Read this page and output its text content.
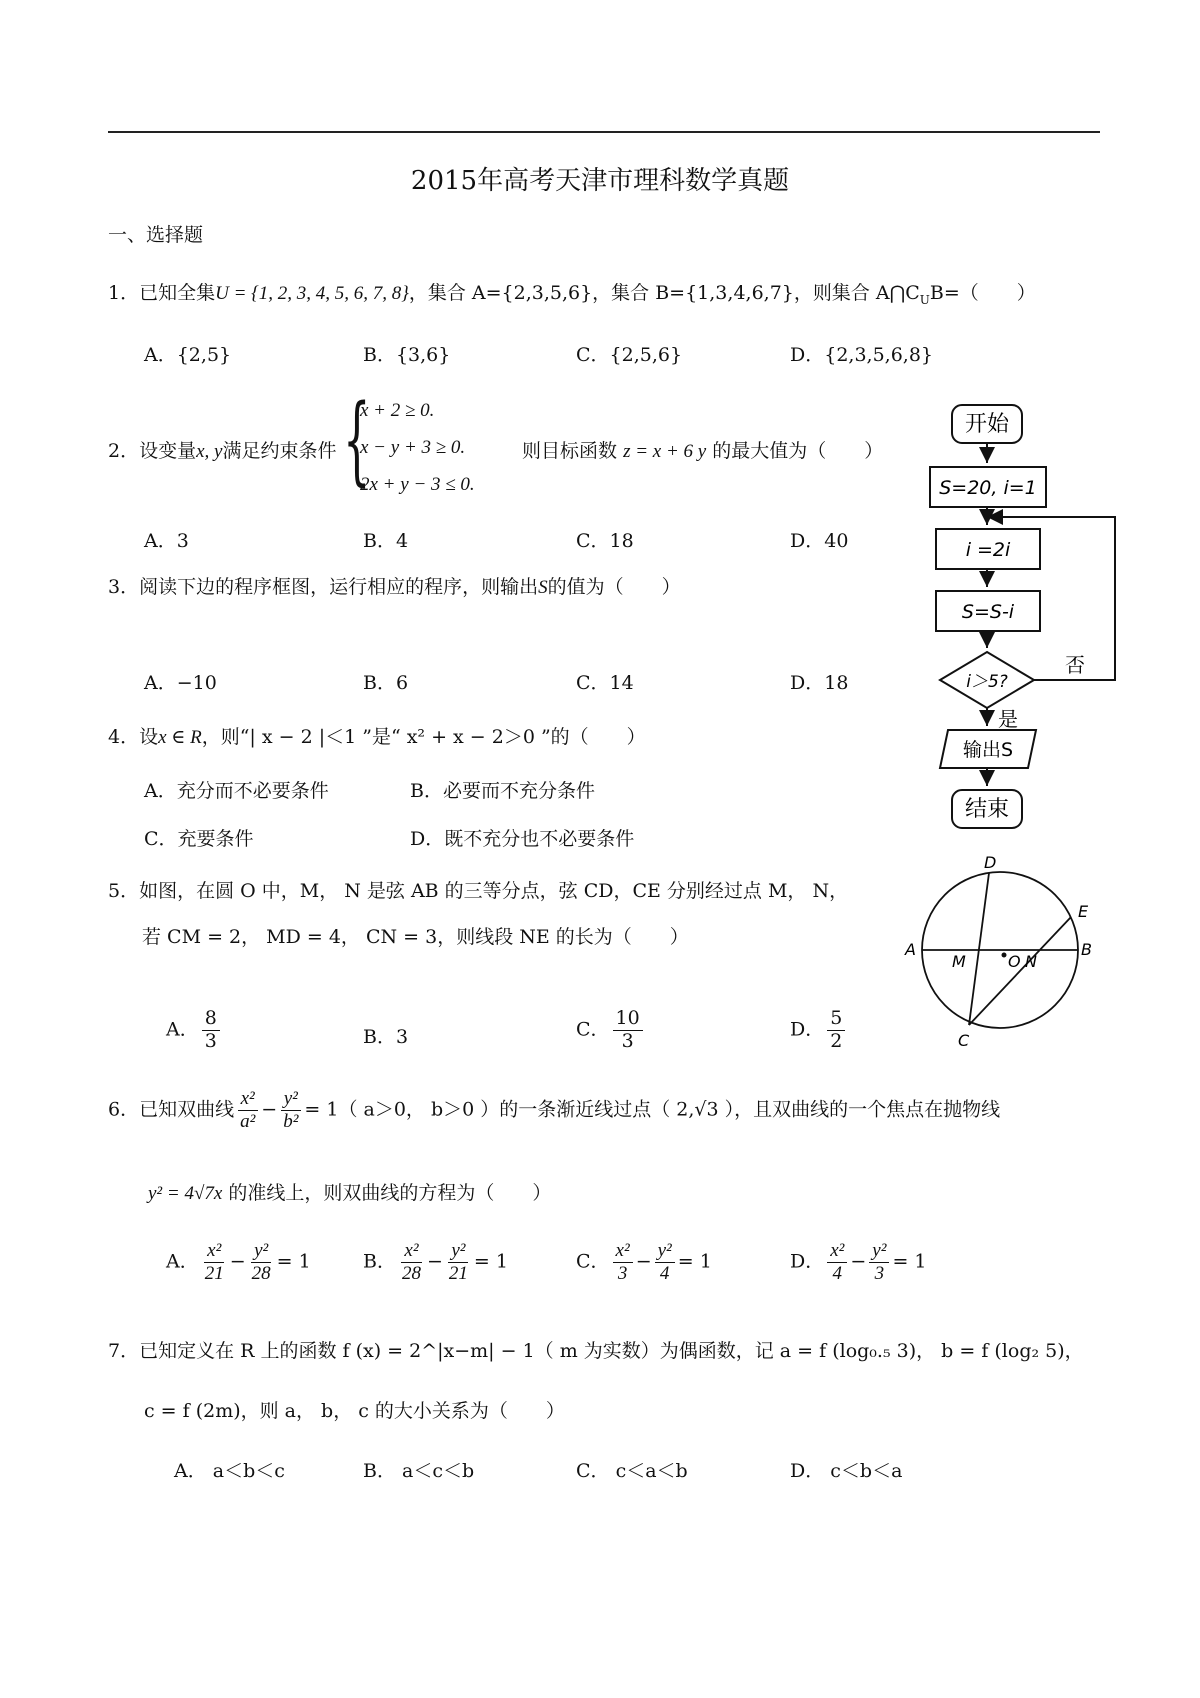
2015年高考天津市理科数学真题
一、选择题
1．已知全集U = {1, 2, 3, 4, 5, 6, 7, 8}，集合 A={2,3,5,6}，集合 B={1,3,4,6,7}，则集合 $A⋂C_UB=$（　　）
A．{2,5}	B．{3,6}	C．{2,5,6}	D．{2,3,5,6,8}
2．设变量x, y满足约束条件 {
x + 2 ≥ 0.
x − y + 3 ≥ 0.
2x + y − 3 ≤ 0.
则目标函数 z = x + 6 y 的最大值为（　　）
A．3	B．4	C．18	D．40
3．阅读下边的程序框图，运行相应的程序，则输出S的值为（　　）
A．−10	B．6	C．14	D．18
开始
S=20, i=1
i =2i
S=S-i
i＞5?
否
是
输出S
结束
4．设x ∈ R，则“| x − 2 |＜1 ”是“ x² + x − 2＞0 ”的（　　）
A．充分而不必要条件	B．必要而不充分条件
C．充要条件	D．既不充分也不必要条件
5．如图，在圆 O 中，M， N 是弦 AB 的三等分点，弦 CD，CE 分别经过点 M， N，
若 CM = 2， MD = 4， CN = 3，则线段 NE 的长为（　　）
A． $\frac{8}{3}$	B．3	C． $\frac{10}{3}$	D． $\frac{5}{2}$
D
E
O
A
M	N
B
C
6．已知双曲线 $\frac{\text{x²}}{\text{a²}} - \frac{\text{y²}}{\text{b²}} = 1$（ a＞0， b＞0 ）的一条渐近线过点（ 2,√3 ），且双曲线的一个焦点在抛物线
y² = 4√7x 的准线上，则双曲线的方程为（　　）
A． $\frac{\text{x²}}{21} - \frac{\text{y²}}{28} = 1$	B． $\frac{\text{x²}}{28} - \frac{\text{y²}}{21} = 1$	C． $\frac{\text{x²}}{3} - \frac{\text{y²}}{4} = 1$	D． $\frac{\text{x²}}{4} - \frac{\text{y²}}{3} = 1$
7．已知定义在 R 上的函数 f (x) = 2^|x−m| − 1（ m 为实数）为偶函数，记 a = f (log₀.₅ 3)， b = f (log₂ 5)，
c = f (2m)，则 a， b， c 的大小关系为（　　）
A． a＜b＜c	B． a＜c＜b	C． c＜a＜b	D． c＜b＜a
